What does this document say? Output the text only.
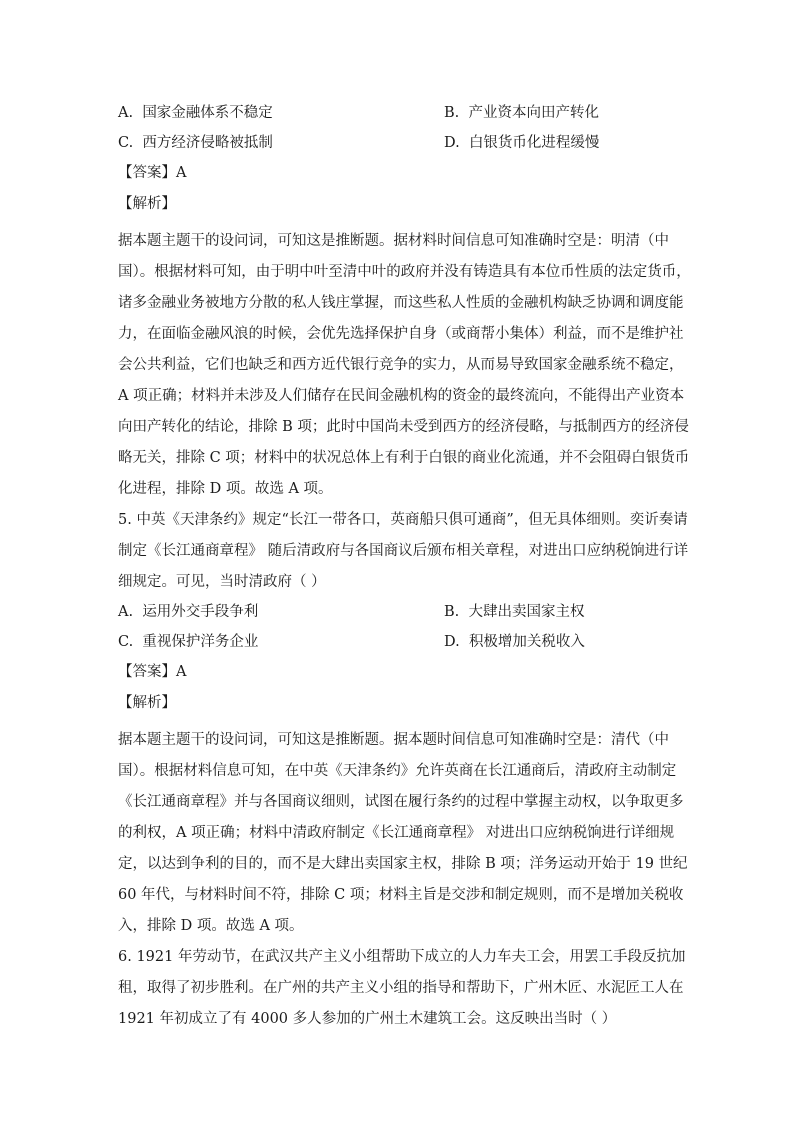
A. 国家金融体系不稳定	B. 产业资本向田产转化
C. 西方经济侵略被抵制	D. 白银货币化进程缓慢
【答案】A
【解析】
据本题主题干的设问词，可知这是推断题。据材料时间信息可知准确时空是：明清（中
国）。根据材料可知，由于明中叶至清中叶的政府并没有铸造具有本位币性质的法定货币，
诸多金融业务被地方分散的私人钱庄掌握，而这些私人性质的金融机构缺乏协调和调度能
力，在面临金融风浪的时候，会优先选择保护自身（或商帮小集体）利益，而不是维护社
会公共利益，它们也缺乏和西方近代银行竞争的实力，从而易导致国家金融系统不稳定，
A 项正确；材料并未涉及人们储存在民间金融机构的资金的最终流向，不能得出产业资本
向田产转化的结论，排除 B 项；此时中国尚未受到西方的经济侵略，与抵制西方的经济侵
略无关，排除 C 项；材料中的状况总体上有利于白银的商业化流通，并不会阻碍白银货币
化进程，排除 D 项。故选 A 项。
5. 中英《天津条约》规定“长江一带各口，英商船只俱可通商”，但无具体细则。奕䜣奏请
制定《长江通商章程》 随后清政府与各国商议后颁布相关章程，对进出口应纳税饷进行详
细规定。可见，当时清政府（ ）
A. 运用外交手段争利	B. 大肆出卖国家主权
C. 重视保护洋务企业	D. 积极增加关税收入
【答案】A
【解析】
据本题主题干的设问词，可知这是推断题。据本题时间信息可知准确时空是：清代（中
国）。根据材料信息可知，在中英《天津条约》允许英商在长江通商后，清政府主动制定
《长江通商章程》并与各国商议细则，试图在履行条约的过程中掌握主动权，以争取更多
的利权，A 项正确；材料中清政府制定《长江通商章程》 对进出口应纳税饷进行详细规
定，以达到争利的目的，而不是大肆出卖国家主权，排除 B 项；洋务运动开始于 19 世纪
60 年代，与材料时间不符，排除 C 项；材料主旨是交涉和制定规则，而不是增加关税收
入，排除 D 项。故选 A 项。
6. 1921 年劳动节，在武汉共产主义小组帮助下成立的人力车夫工会，用罢工手段反抗加
租，取得了初步胜利。在广州的共产主义小组的指导和帮助下，广州木匠、水泥匠工人在
1921 年初成立了有 4000 多人参加的广州土木建筑工会。这反映出当时（ ）
